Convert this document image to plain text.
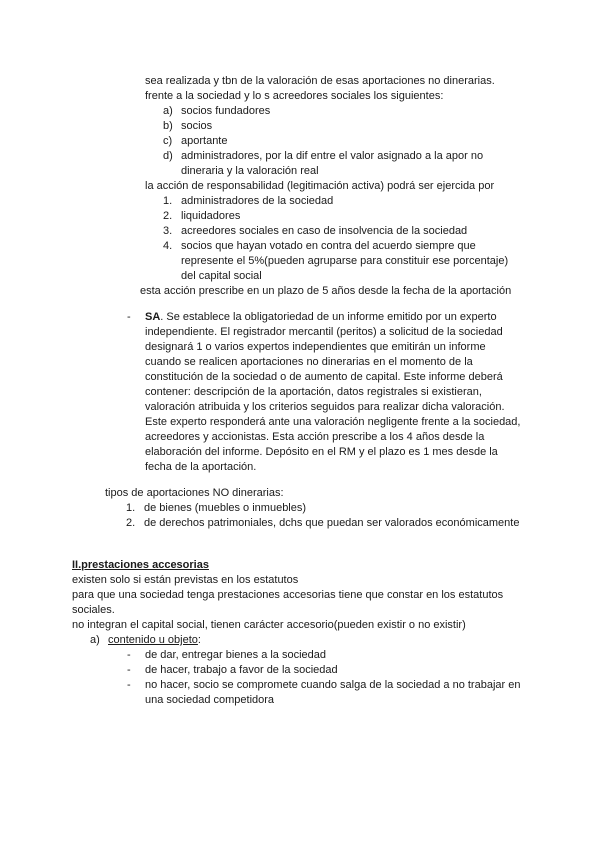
sea realizada y tbn de la valoración de esas aportaciones no dinerarias.
frente a la sociedad y lo s acreedores sociales los siguientes:
a) socios fundadores
b) socios
c) aportante
d) administradores, por la dif entre el valor asignado a la apor no
dineraria y la valoración real
la acción de responsabilidad (legitimación activa) podrá ser ejercida por
1. administradores de la sociedad
2. liquidadores
3. acreedores sociales en caso de insolvencia de la sociedad
4. socios que hayan votado en contra del acuerdo siempre que
represente el 5%(pueden agruparse para constituir ese porcentaje)
del capital social
esta acción prescribe en un plazo de 5 años desde la fecha de la aportación
- SA. Se establece la obligatoriedad de un informe emitido por un experto
independiente. El registrador mercantil (peritos) a solicitud de la sociedad
designará 1 o varios expertos independientes que emitirán un informe
cuando se realicen aportaciones no dinerarias en el momento de la
constitución de la sociedad o de aumento de capital. Este informe deberá
contener: descripción de la aportación, datos registrales si existieran,
valoración atribuida y los criterios seguidos para realizar dicha valoración.
Este experto responderá ante una valoración negligente frente a la sociedad,
acreedores y accionistas. Esta acción prescribe a los 4 años desde la
elaboración del informe. Depósito en el RM y el plazo es 1 mes desde la
fecha de la aportación.
tipos de aportaciones NO dinerarias:
1. de bienes (muebles o inmuebles)
2. de derechos patrimoniales, dchs que puedan ser valorados económicamente
II.prestaciones accesorias
existen solo si están previstas en los estatutos
para que una sociedad tenga prestaciones accesorias tiene que constar en los estatutos
sociales.
no integran el capital social, tienen carácter accesorio(pueden existir o no existir)
a) contenido u objeto:
- de dar, entregar bienes a la sociedad
- de hacer, trabajo a favor de la sociedad
- no hacer, socio se compromete cuando salga de la sociedad a no trabajar en
una sociedad competidora
